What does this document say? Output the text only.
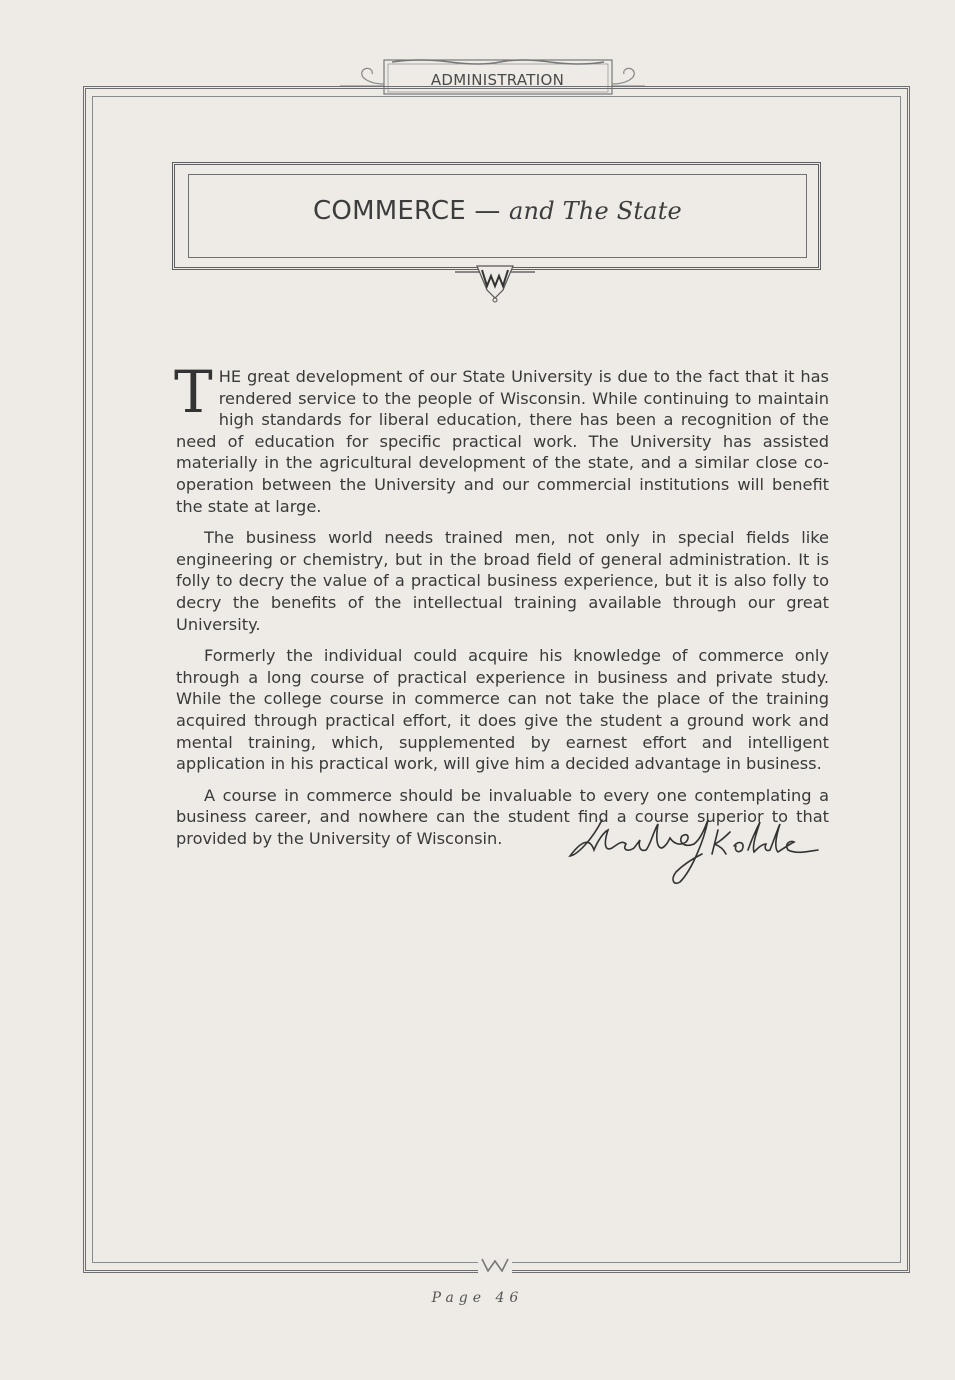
ADMINISTRATION
COMMERCE — and The State

THE great development of our State University is due to the fact that it has rendered service to the people of Wisconsin. While continuing to maintain high standards for liberal education, there has been a recognition of the need of education for specific practical work. The University has assisted materially in the agricultural development of the state, and a similar close co-operation between the University and our commercial institutions will benefit the state at large.

The business world needs trained men, not only in special fields like engineering or chemistry, but in the broad field of general administration. It is folly to decry the value of a practical business experience, but it is also folly to decry the benefits of the intellectual training available through our great University.

Formerly the individual could acquire his knowledge of commerce only through a long course of practical experience in business and private study. While the college course in commerce can not take the place of the training acquired through practical effort, it does give the student a ground work and mental training, which, supplemented by earnest effort and intelligent application in his practical work, will give him a decided advantage in business.

A course in commerce should be invaluable to every one contemplating a business career, and nowhere can the student find a course superior to that provided by the University of Wisconsin.

Page 46
